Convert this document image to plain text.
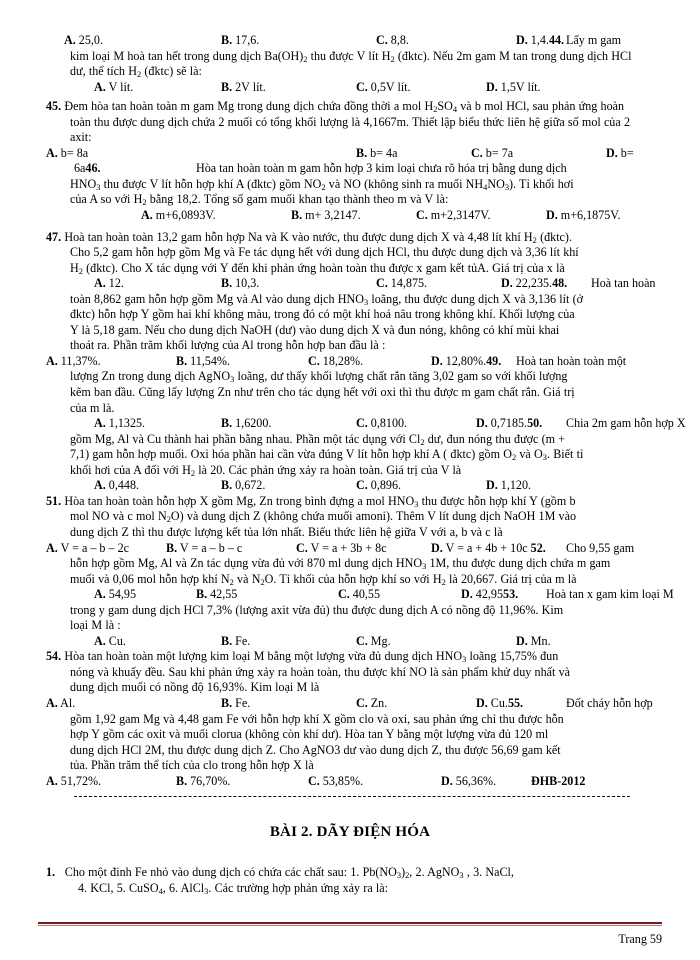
A. 25,0.	B. 17,6.	C. 8,8.	D. 1,4.44. Lấy m gam
kim loại M hoà tan hết trong dung dịch $Ba(OH)_2$ thu được V lít $H_2$ (đktc). Nếu 2m gam M tan trong dung dịch HCl
dư, thể tích $H_2$ (đktc) sẽ là:
A. V lít.	B. 2V lít.	C. 0,5V lít.	D. 1,5V lít.
45. Đem hòa tan hoàn toàn m gam Mg trong dung dịch chứa đồng thời a mol $H_2SO_4$ và b mol HCl, sau phản ứng hoàn
toàn thu được dung dịch chứa 2 muối có tổng khối lượng là 4,1667m. Thiết lập biểu thức liên hệ giữa số mol của 2
axit:
A. b= 8a	B. b= 4a	C. b= 7a	D. b=
6a46.	Hòa tan hoàn toàn m gam hỗn hợp 3 kim loại chưa rõ hóa trị bằng dung dịch
$HNO_3$ thu được V lít hỗn hợp khí A (đktc) gồm $NO_2$ và NO (không sinh ra muối $NH_4NO_3$). Tỉ khối hơi
của A so với $H_2$ bằng 18,2. Tổng số gam muối khan tạo thành theo m và V là:
A. m+6,0893V.	B. m+ 3,2147.	C. m+2,3147V.	D. m+6,1875V.
47. Hoà tan hoàn toàn 13,2 gam hỗn hợp Na và K vào nước, thu được dung dịch X và 4,48 lít khí $H_2$ (đktc).
Cho 5,2 gam hỗn hợp gồm Mg và Fe tác dụng hết với dung dịch HCl, thu được dung dịch và 3,36 lít khí
$H_2$ (đktc). Cho X tác dụng với Y đến khi phản ứng hoàn toàn thu được x gam kết tủA. Giá trị của x là
A. 12.	B. 10,3.	C. 14,875.	D. 22,235.48. Hoà tan hoàn
toàn 8,862 gam hỗn hợp gồm Mg và Al vào dung dịch $HNO_3$ loãng, thu được dung dịch X và 3,136 lít (ở
đktc) hỗn hợp Y gồm hai khí không màu, trong đó có một khí hoá nâu trong không khí. Khối lượng của
Y là 5,18 gam. Nếu cho dung dịch NaOH (dư) vào dung dịch X và đun nóng, không có khí mùi khai
thoát ra. Phần trăm khối lượng của Al trong hỗn hợp ban đầu là :
A. 11,37%.	B. 11,54%.	C. 18,28%.	D. 12,80%.49. Hoà tan hoàn toàn một
lượng Zn trong dung dịch AgNO$_3$ loãng, dư thấy khối lượng chất rắn tăng 3,02 gam so với khối lượng
kẽm ban đầu. Cũng lấy lượng Zn như trên cho tác dụng hết với oxi thì thu được m gam chất rắn. Giá trị
của m là.
A. 1,1325.	B. 1,6200.	C. 0,8100.	D. 0,7185.50. Chia 2m gam hỗn hợp X
gồm Mg, Al và Cu thành hai phần bằng nhau. Phần một tác dụng với $Cl_2$ dư, đun nóng thu được (m +
7,1) gam hỗn hợp muối. Oxi hóa phần hai cần vừa đúng V lít hỗn hợp khí A ( đktc) gồm $O_2$ và $O_3$. Biết tỉ
khối hơi của A đối với $H_2$ là 20. Các phản ứng xảy ra hoàn toàn. Giá trị của V là
A. 0,448.	B. 0,672.	C. 0,896.	D. 1,120.
51. Hòa tan hoàn toàn hỗn hợp X gồm Mg, Zn trong bình đựng a mol $HNO_3$ thu được hỗn hợp khí Y (gồm b
mol NO và c mol $N_2O$) và dung dịch Z (không chứa muối amoni). Thêm V lít dung dịch NaOH 1M vào
dung dịch Z thì thu được lượng kết tủa lớn nhất. Biểu thức liên hệ giữa V với a, b và c là
A. V = a – b – 2c	B. V = a – b – c	C. V = a + 3b + 8c	D. V = a + 4b + 10c 52. Cho 9,55 gam
hỗn hợp gồm Mg, Al và Zn tác dụng vừa đủ với 870 ml dung dịch $HNO_3$ 1M, thu được dung dịch chứa m gam
muối và 0,06 mol hỗn hợp khí $N_2$ và $N_2O$. Tỉ khối của hỗn hợp khí so với $H_2$ là 20,667. Giá trị của m là
A. 54,95	B. 42,55	C. 40,55	D. 42,9553. Hoà tan x gam kim loại M
trong y gam dung dịch HCl 7,3% (lượng axit vừa đủ) thu được dung dịch A có nồng độ 11,96%. Kim
loại M là :
A. Cu.	B. Fe.	C. Mg.	D. Mn.
54. Hòa tan hoàn toàn một lượng kim loại M bằng một lượng vừa đủ dung dịch $HNO_3$ loãng 15,75% đun
nóng và khuấy đều. Sau khi phản ứng xảy ra hoàn toàn, thu được khí NO là sản phẩm khử duy nhất và
dung dịch muối có nồng độ 16,93%. Kim loại M là
A. Al.	B. Fe.	C. Zn.	D. Cu.55.	Đốt cháy hỗn hợp
gồm 1,92 gam Mg và 4,48 gam Fe với hỗn hợp khí X gồm clo và oxi, sau phản ứng chỉ thu được hỗn
hợp Y gồm các oxit và muối clorua (không còn khí dư). Hòa tan Y bằng một lượng vừa đủ 120 ml
dung dịch HCl 2M, thu được dung dịch Z. Cho AgNO3 dư vào dung dịch Z, thu được 56,69 gam kết
tủa. Phần trăm thể tích của clo trong hỗn hợp X là
A. 51,72%.	B. 76,70%.	C. 53,85%.	D. 56,36%.	ĐHB-2012
BÀI 2. DÃY ĐIỆN HÓA
1. Cho một đinh Fe nhỏ vào dung dịch có chứa các chất sau: 1. $Pb(NO_3)_2$, 2. AgNO$_3$ , 3. NaCl,
4. KCl, 5. CuSO$_4$, 6. AlCl$_3$. Các trường hợp phản ứng xảy ra là:
Trang 59
